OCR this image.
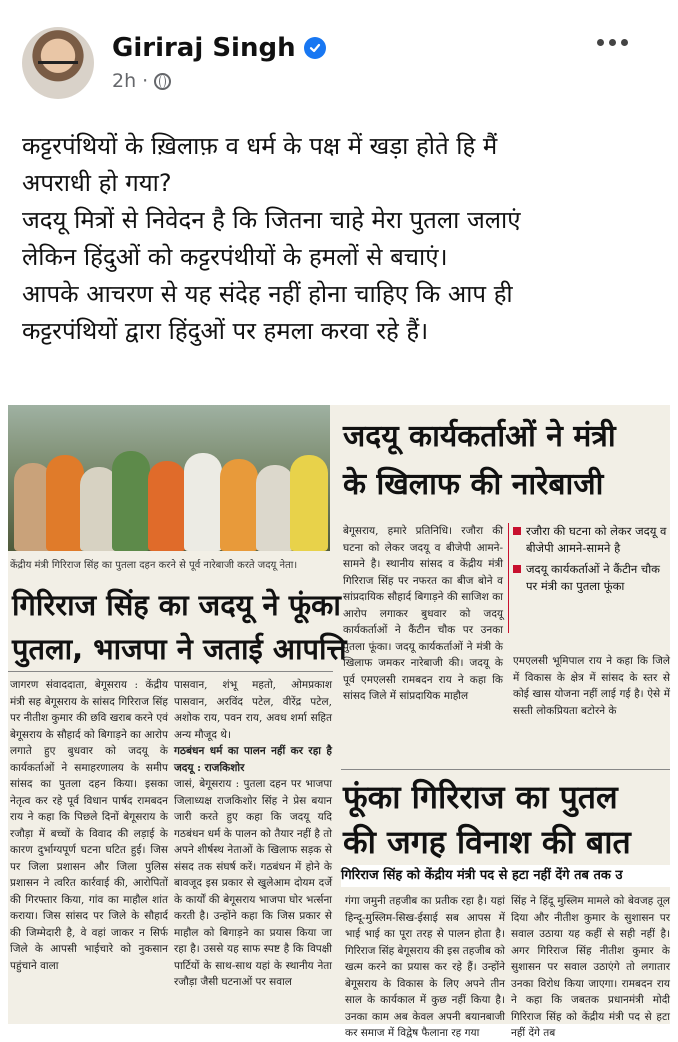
Giriraj Singh
2h ·

कट्टरपंथियों के ख़िलाफ़ व धर्म के पक्ष में खड़ा होते हि मैं

अपराधी हो गया?

जदयू मित्रों से निवेदन है कि जितना चाहे मेरा पुतला जलाएं

लेकिन हिंदुओं को कट्टरपंथीयों के हमलों से बचाएं।

आपके आचरण से यह संदेह नहीं होना चाहिए कि आप ही

कट्टरपंथियों द्वारा हिंदुओं पर हमला करवा रहे हैं।

केंद्रीय मंत्री गिरिराज सिंह का पुतला दहन करने से पूर्व नारेबाजी करते जदयू नेता।
गिरिराज सिंह का जदयू ने फूंका
पुतला, भाजपा ने जताई आपत्ति

जागरण संवाददाता, बेगूसराय : केंद्रीय मंत्री सह बेगूसराय के सांसद गिरिराज सिंह पर नीतीश कुमार की छवि खराब करने एवं बेगूसराय के सौहार्द को बिगाड़ने का आरोप लगाते हुए बुधवार को जदयू के कार्यकर्ताओं ने समाहरणालय के समीप सांसद का पुतला दहन किया। इसका नेतृत्व कर रहे पूर्व विधान पार्षद रामबदन राय ने कहा कि पिछले दिनों बेगूसराय के रजौड़ा में बच्चों के विवाद की लड़ाई के कारण दुर्भाग्यपूर्ण घटना घटित हुई। जिस पर जिला प्रशासन और जिला पुलिस प्रशासन ने त्वरित कार्रवाई की, आरोपितों की गिरफ्तार किया, गांव का माहौल शांत कराया। जिस सांसद पर जिले के सौहार्द की जिम्मेदारी है, वे वहां जाकर न सिर्फ जिले के आपसी भाईचारे को नुकसान पहुंचाने वाला

पासवान, शंभू महतो, ओमप्रकाश पासवान, अरविंद पटेल, वीरेंद्र पटेल, अशोक राय, पवन राय, अवध शर्मा सहित अन्य मौजूद थे।

गठबंधन धर्म का पालन नहीं कर रहा है जदयू : राजकिशोर

जासं, बेगूसराय : पुतला दहन पर भाजपा जिलाध्यक्ष राजकिशोर सिंह ने प्रेस बयान जारी करते हुए कहा कि जदयू यदि गठबंधन धर्म के पालन को तैयार नहीं है तो अपने शीर्षस्थ नेताओं के खिलाफ सड़क से संसद तक संघर्ष करें। गठबंधन में होने के बावजूद इस प्रकार से खुलेआम दोयम दर्जे के कार्यों की बेगूसराय भाजपा घोर भर्त्सना करती है। उन्होंने कहा कि जिस प्रकार से माहौल को बिगाड़ने का प्रयास किया जा रहा है। उससे यह साफ स्पष्ट है कि विपक्षी पार्टियों के साथ-साथ यहां के स्थानीय नेता रजौड़ा जैसी घटनाओं पर सवाल

जदयू कार्यकर्ताओं ने मंत्री
के खिलाफ की नारेबाजी

बेगूसराय, हमारे प्रतिनिधि। रजौरा की घटना को लेकर जदयू व बीजेपी आमने-सामने है। स्थानीय सांसद व केंद्रीय मंत्री गिरिराज सिंह पर नफरत का बीज बोने व सांप्रदायिक सौहार्द बिगाड़ने की साजिश का आरोप लगाकर बुधवार को जदयू कार्यकर्ताओं ने कैंटीन चौक पर उनका पुतला फूंका। जदयू कार्यकर्ताओं ने मंत्री के खिलाफ जमकर नारेबाजी की। जदयू के पूर्व एमएलसी रामबदन राय ने कहा कि सांसद जिले में सांप्रदायिक माहौल

रजौरा की घटना को लेकर जदयू व बीजेपी आमने-सामने है
जदयू कार्यकर्ताओं ने कैंटीन चौक पर मंत्री का पुतला फूंका

एमएलसी भूमिपाल राय ने कहा कि जिले में विकास के क्षेत्र में सांसद के स्तर से कोई खास योजना नहीं लाई गई है। ऐसे में सस्ती लोकप्रियता बटोरने के

फूंका गिरिराज का पुतल
की जगह विनाश की बात
गिरिराज सिंह को केंद्रीय मंत्री पद से हटा नहीं देंगे तब तक उ

गंगा जमुनी तहजीब का प्रतीक रहा है। यहां हिन्दू-मुस्लिम-सिख-ईसाई सब आपस में भाई भाई का पूरा तरह से पालन होता है। गिरिराज सिंह बेगूसराय की इस तहजीब को खत्म करने का प्रयास कर रहे हैं। उन्होंने बेगूसराय के विकास के लिए अपने तीन साल के कार्यकाल में कुछ नहीं किया है। उनका काम अब केवल अपनी बयानबाजी कर समाज में विद्वेष फैलाना रह गया

सिंह ने हिंदू मुस्लिम मामले को बेवजह तूल दिया और नीतीश कुमार के सुशासन पर सवाल उठाया यह कहीं से सही नहीं है। अगर गिरिराज सिंह नीतीश कुमार के सुशासन पर सवाल उठाएंगे तो लगातार उनका विरोध किया जाएगा। रामबदन राय ने कहा कि जबतक प्रधानमंत्री मोदी गिरिराज सिंह को केंद्रीय मंत्री पद से हटा नहीं देंगे तब
